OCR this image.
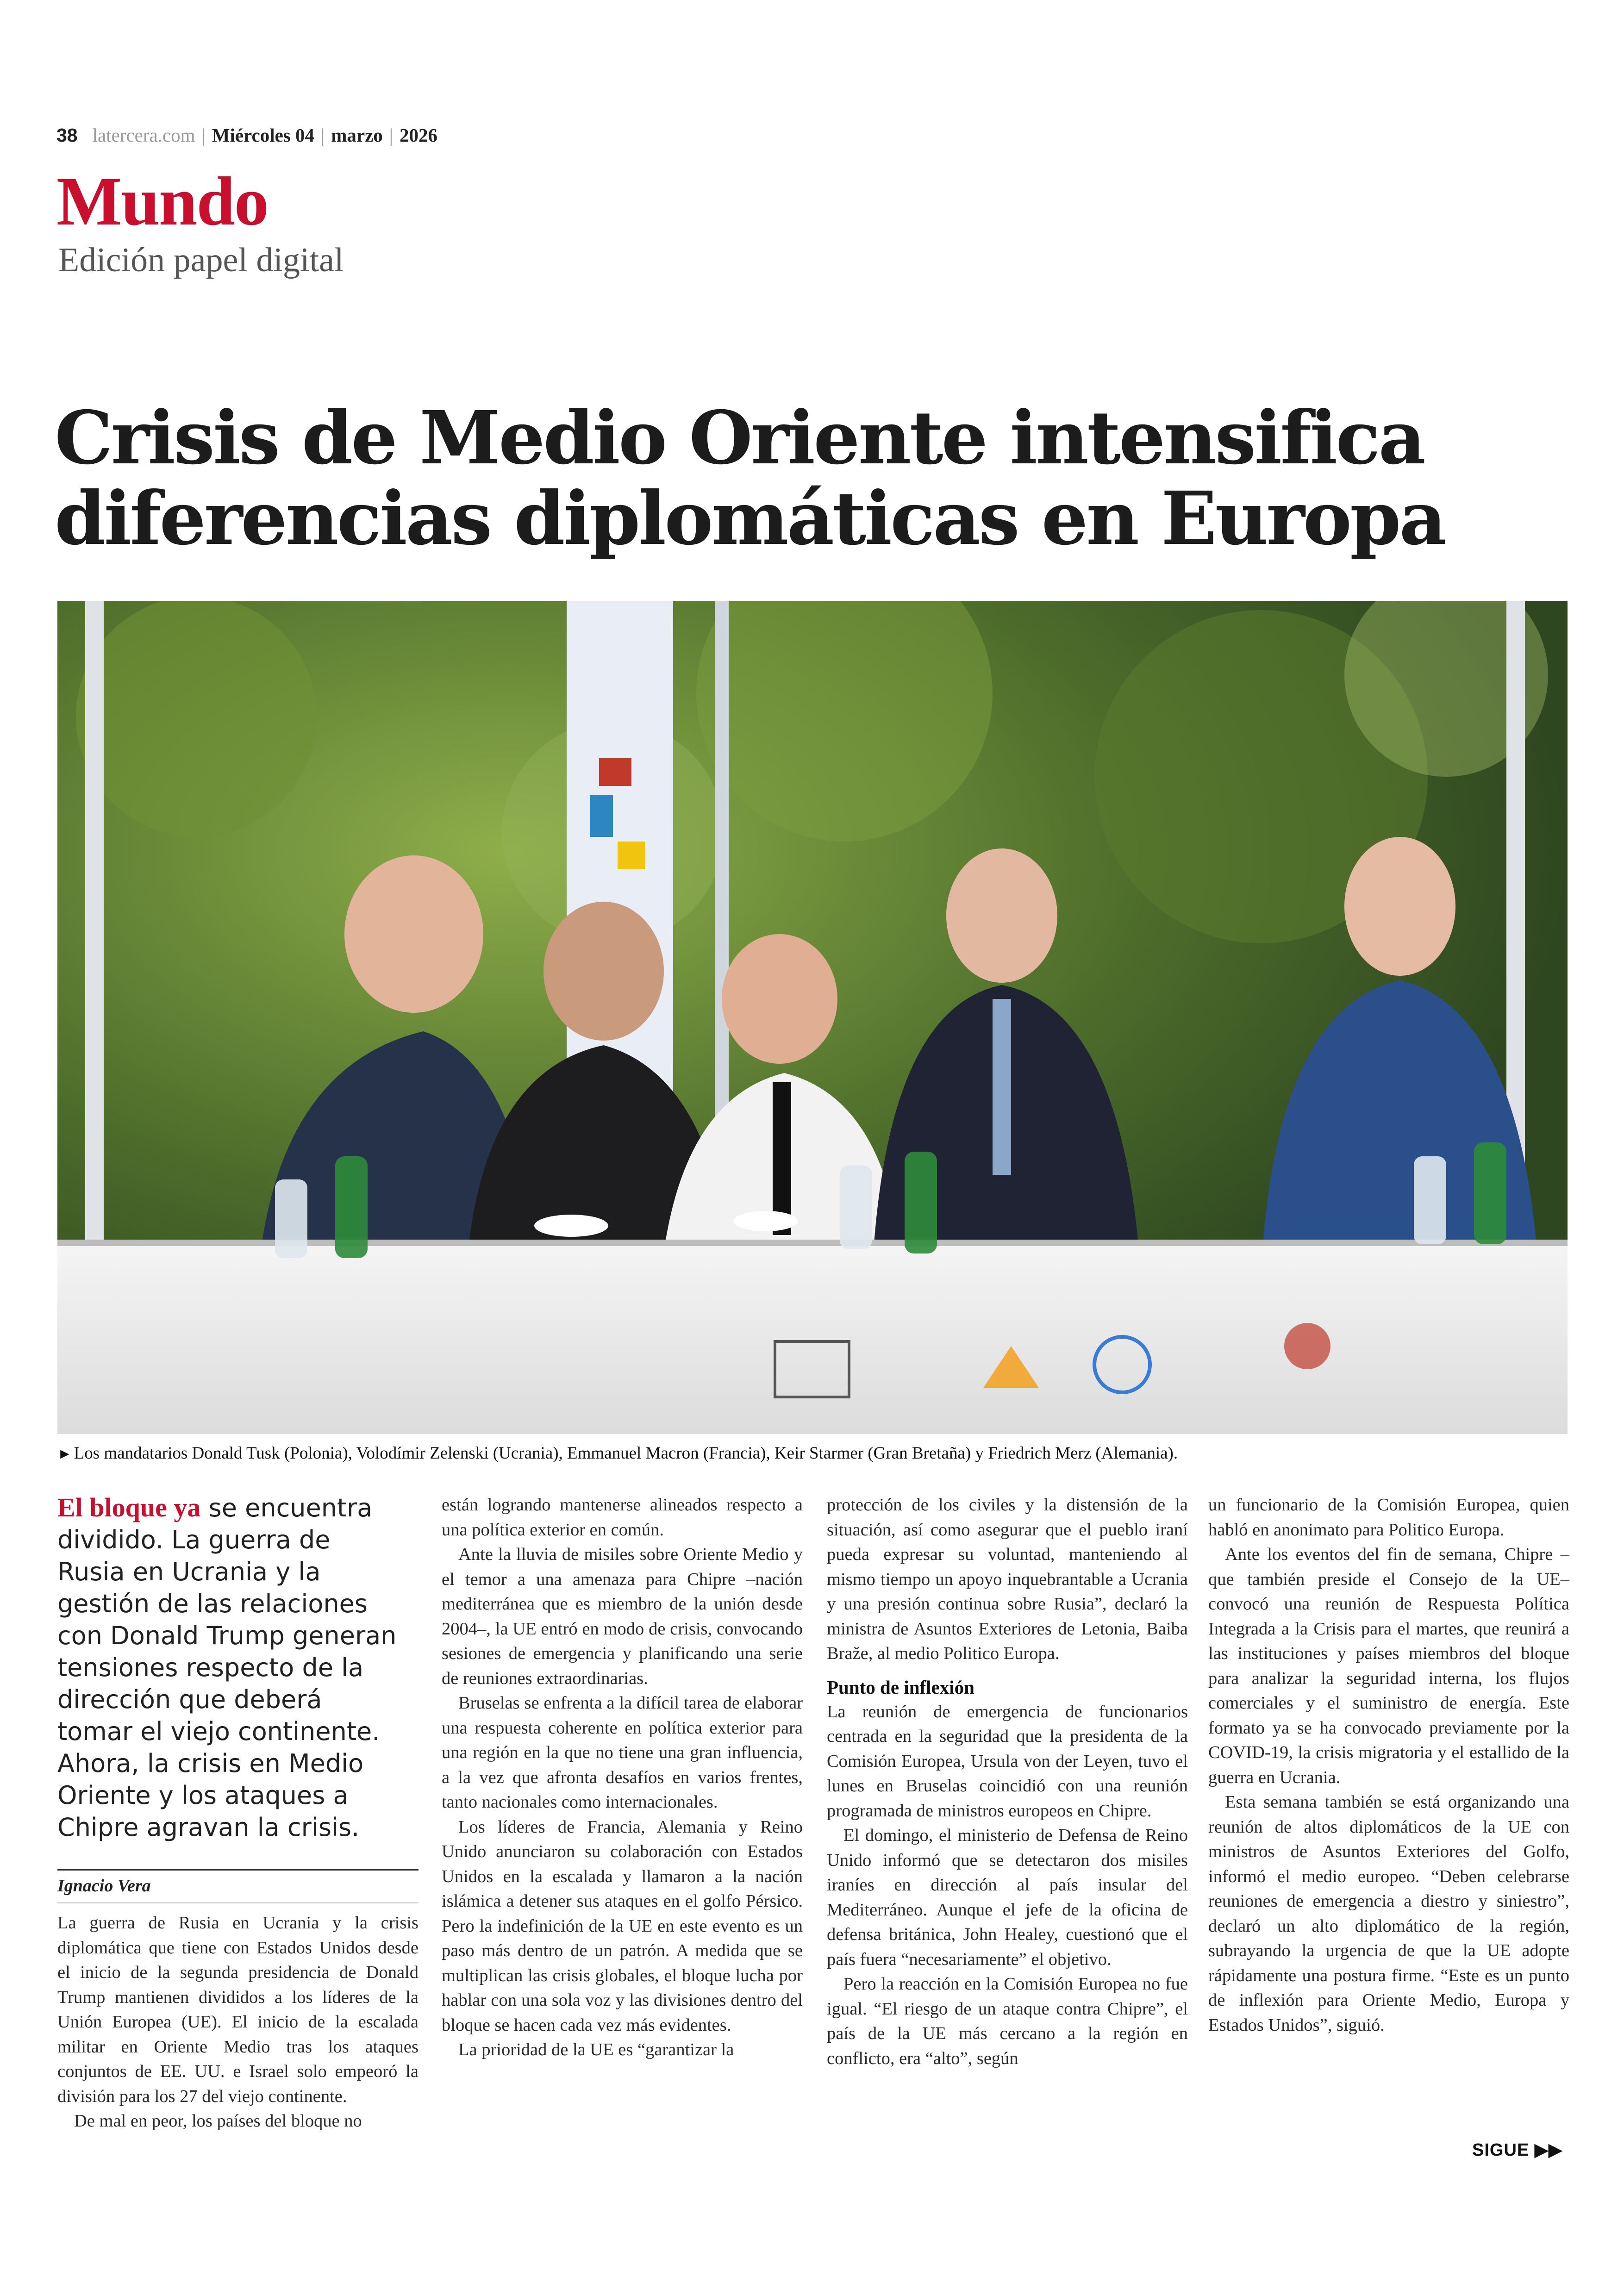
38 latercera.com | Miércoles 04 | marzo | 2026
Mundo
Edición papel digital
Crisis de Medio Oriente intensifica
diferencias diplomáticas en Europa
► Los mandatarios Donald Tusk (Polonia), Volodímir Zelenski (Ucrania), Emmanuel Macron (Francia), Keir Starmer (Gran Bretaña) y Friedrich Merz (Alemania).
El bloque ya se encuentra dividido. La guerra de Rusia en Ucrania y la gestión de las relaciones con Donald Trump generan tensiones respecto de la dirección que deberá tomar el viejo continente. Ahora, la crisis en Medio Oriente y los ataques a Chipre agravan la crisis.
Ignacio Vera

La guerra de Rusia en Ucrania y la crisis diplomática que tiene con Estados Unidos desde el inicio de la segunda presidencia de Donald Trump mantienen divididos a los líderes de la Unión Europea (UE). El inicio de la escalada militar en Oriente Medio tras los ataques conjuntos de EE. UU. e Israel solo empeoró la división para los 27 del viejo continente.

De mal en peor, los países del bloque no

están logrando mantenerse alineados respecto a una política exterior en común.

Ante la lluvia de misiles sobre Oriente Medio y el temor a una amenaza para Chipre –nación mediterránea que es miembro de la unión desde 2004–, la UE entró en modo de crisis, convocando sesiones de emergencia y planificando una serie de reuniones extraordinarias.

Bruselas se enfrenta a la difícil tarea de elaborar una respuesta coherente en política exterior para una región en la que no tiene una gran influencia, a la vez que afronta desafíos en varios frentes, tanto nacionales como internacionales.

Los líderes de Francia, Alemania y Reino Unido anunciaron su colaboración con Estados Unidos en la escalada y llamaron a la nación islámica a detener sus ataques en el golfo Pérsico. Pero la indefinición de la UE en este evento es un paso más dentro de un patrón. A medida que se multiplican las crisis globales, el bloque lucha por hablar con una sola voz y las divisiones dentro del bloque se hacen cada vez más evidentes.

La prioridad de la UE es “garantizar la

protección de los civiles y la distensión de la situación, así como asegurar que el pueblo iraní pueda expresar su voluntad, manteniendo al mismo tiempo un apoyo inquebrantable a Ucrania y una presión continua sobre Rusia”, declaró la ministra de Asuntos Exteriores de Letonia, Baiba Braže, al medio Politico Europa.

Punto de inflexión

La reunión de emergencia de funcionarios centrada en la seguridad que la presidenta de la Comisión Europea, Ursula von der Leyen, tuvo el lunes en Bruselas coincidió con una reunión programada de ministros europeos en Chipre.

El domingo, el ministerio de Defensa de Reino Unido informó que se detectaron dos misiles iraníes en dirección al país insular del Mediterráneo. Aunque el jefe de la oficina de defensa británica, John Healey, cuestionó que el país fuera “necesariamente” el objetivo.

Pero la reacción en la Comisión Europea no fue igual. “El riesgo de un ataque contra Chipre”, el país de la UE más cercano a la región en conflicto, era “alto”, según

un funcionario de la Comisión Europea, quien habló en anonimato para Politico Europa.

Ante los eventos del fin de semana, Chipre –que también preside el Consejo de la UE– convocó una reunión de Respuesta Política Integrada a la Crisis para el martes, que reunirá a las instituciones y países miembros del bloque para analizar la seguridad interna, los flujos comerciales y el suministro de energía. Este formato ya se ha convocado previamente por la COVID-19, la crisis migratoria y el estallido de la guerra en Ucrania.

Esta semana también se está organizando una reunión de altos diplomáticos de la UE con ministros de Asuntos Exteriores del Golfo, informó el medio europeo. “Deben celebrarse reuniones de emergencia a diestro y siniestro”, declaró un alto diplomático de la región, subrayando la urgencia de que la UE adopte rápidamente una postura firme. “Este es un punto de inflexión para Oriente Medio, Europa y Estados Unidos”, siguió.

SIGUE ▶▶
